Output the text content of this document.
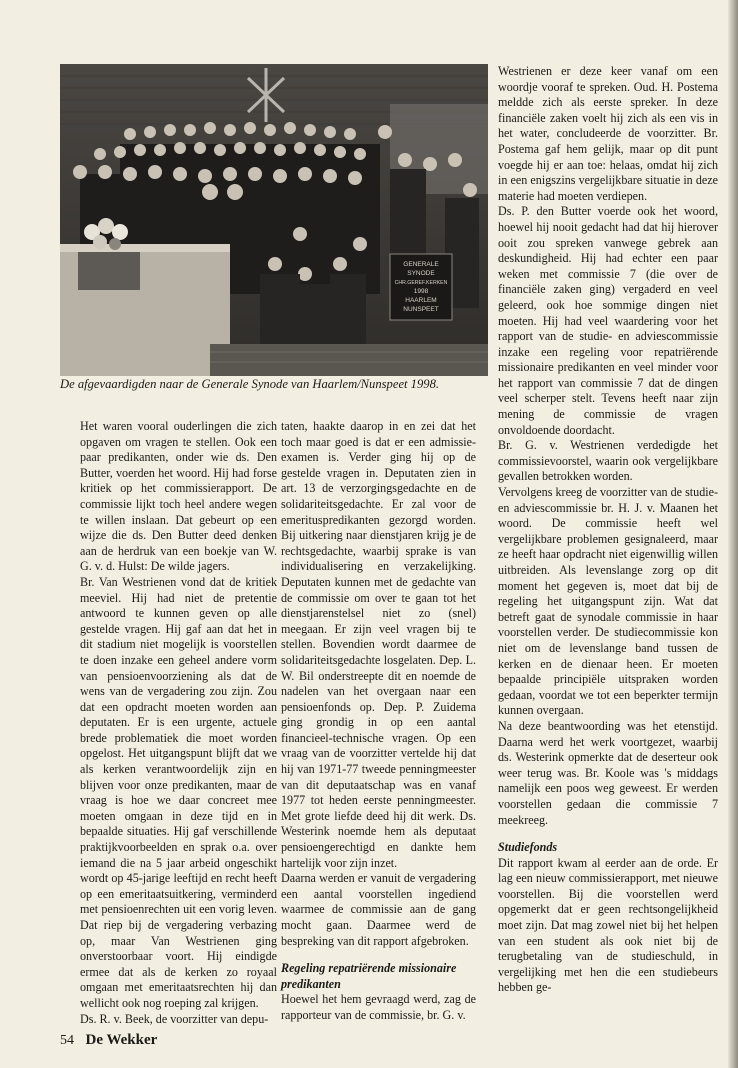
GENERALE
SYNODE
CHR.GEREF.KERKEN
1998
HAARLEM
NUNSPEET
De afgevaardigden naar de Generale Synode van Haarlem/Nunspeet 1998.

Het waren vooral ouderlingen die zich opgaven om vragen te stellen. Ook een paar predikanten, onder wie ds. Den Butter, voerden het woord. Hij had forse kritiek op het commissierapport. De commissie lijkt toch heel andere wegen te willen inslaan. Dat gebeurt op een wijze die ds. Den Butter deed denken aan de herdruk van een boekje van W. G. v. d. Hulst: De wilde jagers.

Br. Van Westrienen vond dat de kritiek meeviel. Hij had niet de pretentie antwoord te kunnen geven op alle gestelde vragen. Hij gaf aan dat het in dit stadium niet mogelijk is voorstellen te doen inzake een geheel andere vorm van pensioenvoorziening als dat de wens van de vergadering zou zijn. Zou dat een opdracht moeten worden aan deputaten. Er is een urgente, actuele brede problematiek die moet worden opgelost. Het uitgangspunt blijft dat we als kerken verantwoordelijk zijn en blijven voor onze predikanten, maar de vraag is hoe we daar concreet mee moeten omgaan in deze tijd en in bepaalde situaties. Hij gaf verschillende praktijkvoorbeelden en sprak o.a. over iemand die na 5 jaar arbeid ongeschikt wordt op 45-jarige leeftijd en recht heeft op een emeritaatsuitkering, verminderd met pensioenrechten uit een vorig leven. Dat riep bij de vergadering verbazing op, maar Van Westrienen ging onverstoorbaar voort. Hij eindigde ermee dat als de kerken zo royaal omgaan met emeritaatsrechten hij dan wellicht ook nog roeping zal krijgen.

Ds. R. v. Beek, de voorzitter van depu-

taten, haakte daarop in en zei dat het toch maar goed is dat er een admissie-examen is. Verder ging hij op de gestelde vragen in. Deputaten zien in art. 13 de verzorgingsgedachte en de solidariteitsgedachte. Er zal voor de emerituspredikanten gezorgd worden. Bij uitkering naar dienstjaren krijg je de rechtsgedachte, waarbij sprake is van individualisering en verzakelijking. Deputaten kunnen met de gedachte van de commissie om over te gaan tot het dienstjarenstelsel niet zo (snel) meegaan. Er zijn veel vragen bij te stellen. Bovendien wordt daarmee de solidariteitsgedachte losgelaten. Dep. L. W. Bil onderstreepte dit en noemde de nadelen van het overgaan naar een pensioenfonds op. Dep. P. Zuidema ging grondig in op een aantal financieel-technische vragen. Op een vraag van de voorzitter vertelde hij dat hij van 1971-77 tweede penningmeester van dit deputaatschap was en vanaf 1977 tot heden eerste penningmeester. Met grote liefde deed hij dit werk. Ds. Westerink noemde hem als deputaat pensioengerechtigd en dankte hem hartelijk voor zijn inzet.

Daarna werden er vanuit de vergadering een aantal voorstellen ingediend waarmee de commissie aan de gang mocht gaan. Daarmee werd de bespreking van dit rapport afgebroken.

Regeling repatriërende missionaire predikanten

Hoewel het hem gevraagd werd, zag de rapporteur van de commissie, br. G. v.

Westrienen er deze keer vanaf om een woordje vooraf te spreken. Oud. H. Postema meldde zich als eerste spreker. In deze financiële zaken voelt hij zich als een vis in het water, concludeerde de voorzitter. Br. Postema gaf hem gelijk, maar op dit punt voegde hij er aan toe: helaas, omdat hij zich in een enigszins vergelijkbare situatie in deze materie had moeten verdiepen.

Ds. P. den Butter voerde ook het woord, hoewel hij nooit gedacht had dat hij hierover ooit zou spreken vanwege gebrek aan deskundigheid. Hij had echter een paar weken met commissie 7 (die over de financiële zaken ging) vergaderd en veel geleerd, ook hoe sommige dingen niet moeten. Hij had veel waardering voor het rapport van de studie- en adviescommissie inzake een regeling voor repatriërende missionaire predikanten en veel minder voor het rapport van commissie 7 dat de dingen veel scherper stelt. Tevens heeft naar zijn mening de commissie de vragen onvoldoende doordacht.

Br. G. v. Westrienen verdedigde het commissievoorstel, waarin ook vergelijkbare gevallen betrokken worden.

Vervolgens kreeg de voorzitter van de studie- en adviescommissie br. H. J. v. Maanen het woord. De commissie heeft wel vergelijkbare problemen gesignaleerd, maar ze heeft haar opdracht niet eigenwillig willen uitbreiden. Als levenslange zorg op dit moment het gegeven is, moet dat bij de regeling het uitgangspunt zijn. Wat dat betreft gaat de synodale commissie in haar voorstellen verder. De studiecommissie kon niet om de levenslange band tussen de kerken en de dienaar heen. Er moeten bepaalde principiële uitspraken worden gedaan, voordat we tot een beperkter termijn kunnen overgaan.

Na deze beantwoording was het etenstijd. Daarna werd het werk voortgezet, waarbij ds. Westerink opmerkte dat de deserteur ook weer terug was. Br. Koole was 's middags namelijk een poos weg geweest. Er werden voorstellen gedaan die commissie 7 meekreeg.

Studiefonds

Dit rapport kwam al eerder aan de orde. Er lag een nieuw commissierapport, met nieuwe voorstellen. Bij die voorstellen werd opgemerkt dat er geen rechtsongelijkheid moet zijn. Dat mag zowel niet bij het helpen van een student als ook niet bij de terugbetaling van de studieschuld, in vergelijking met hen die een studiebeurs hebben ge-

54 De Wekker
